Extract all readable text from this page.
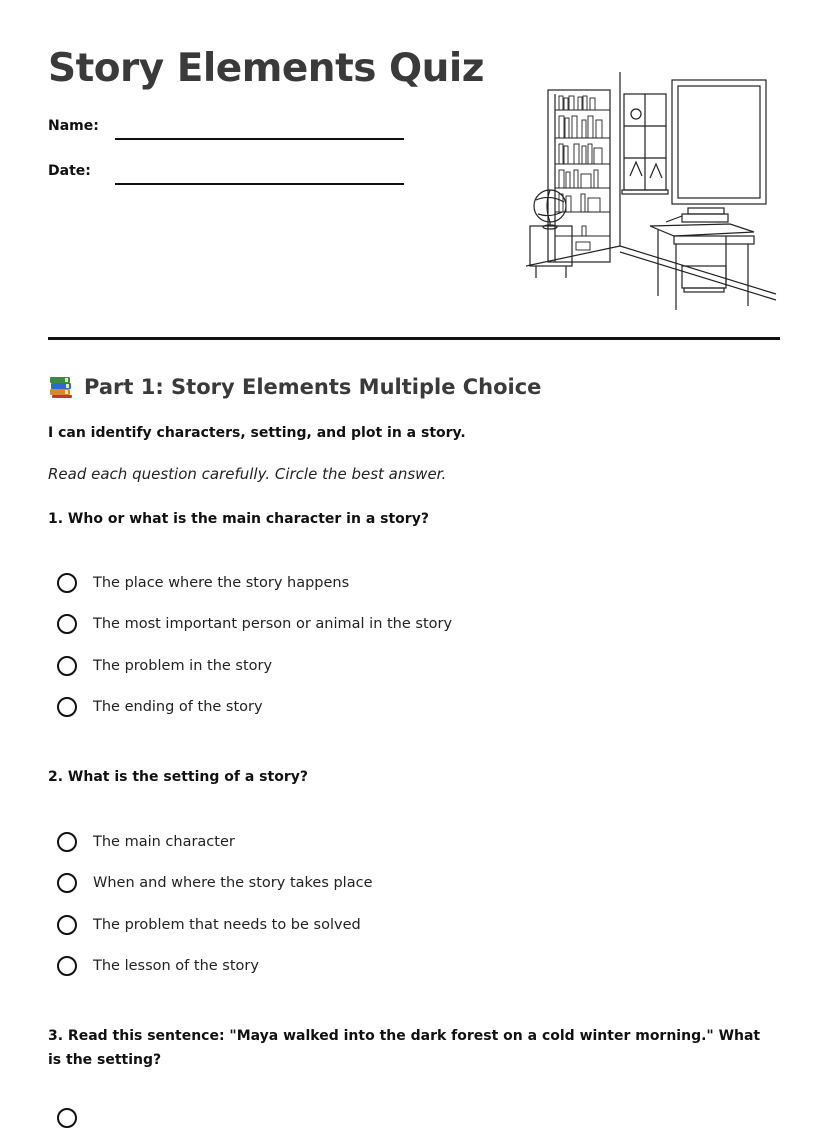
Story Elements Quiz
Name:
Date:
Part 1: Story Elements Multiple Choice
I can identify characters, setting, and plot in a story.
Read each question carefully. Circle the best answer.

1. Who or what is the main character in a story?

The place where the story happens
The most important person or animal in the story
The problem in the story
The ending of the story

2. What is the setting of a story?

The main character
When and where the story takes place
The problem that needs to be solved
The lesson of the story

3. Read this sentence: "Maya walked into the dark forest on a cold winter morning." What is the setting?
